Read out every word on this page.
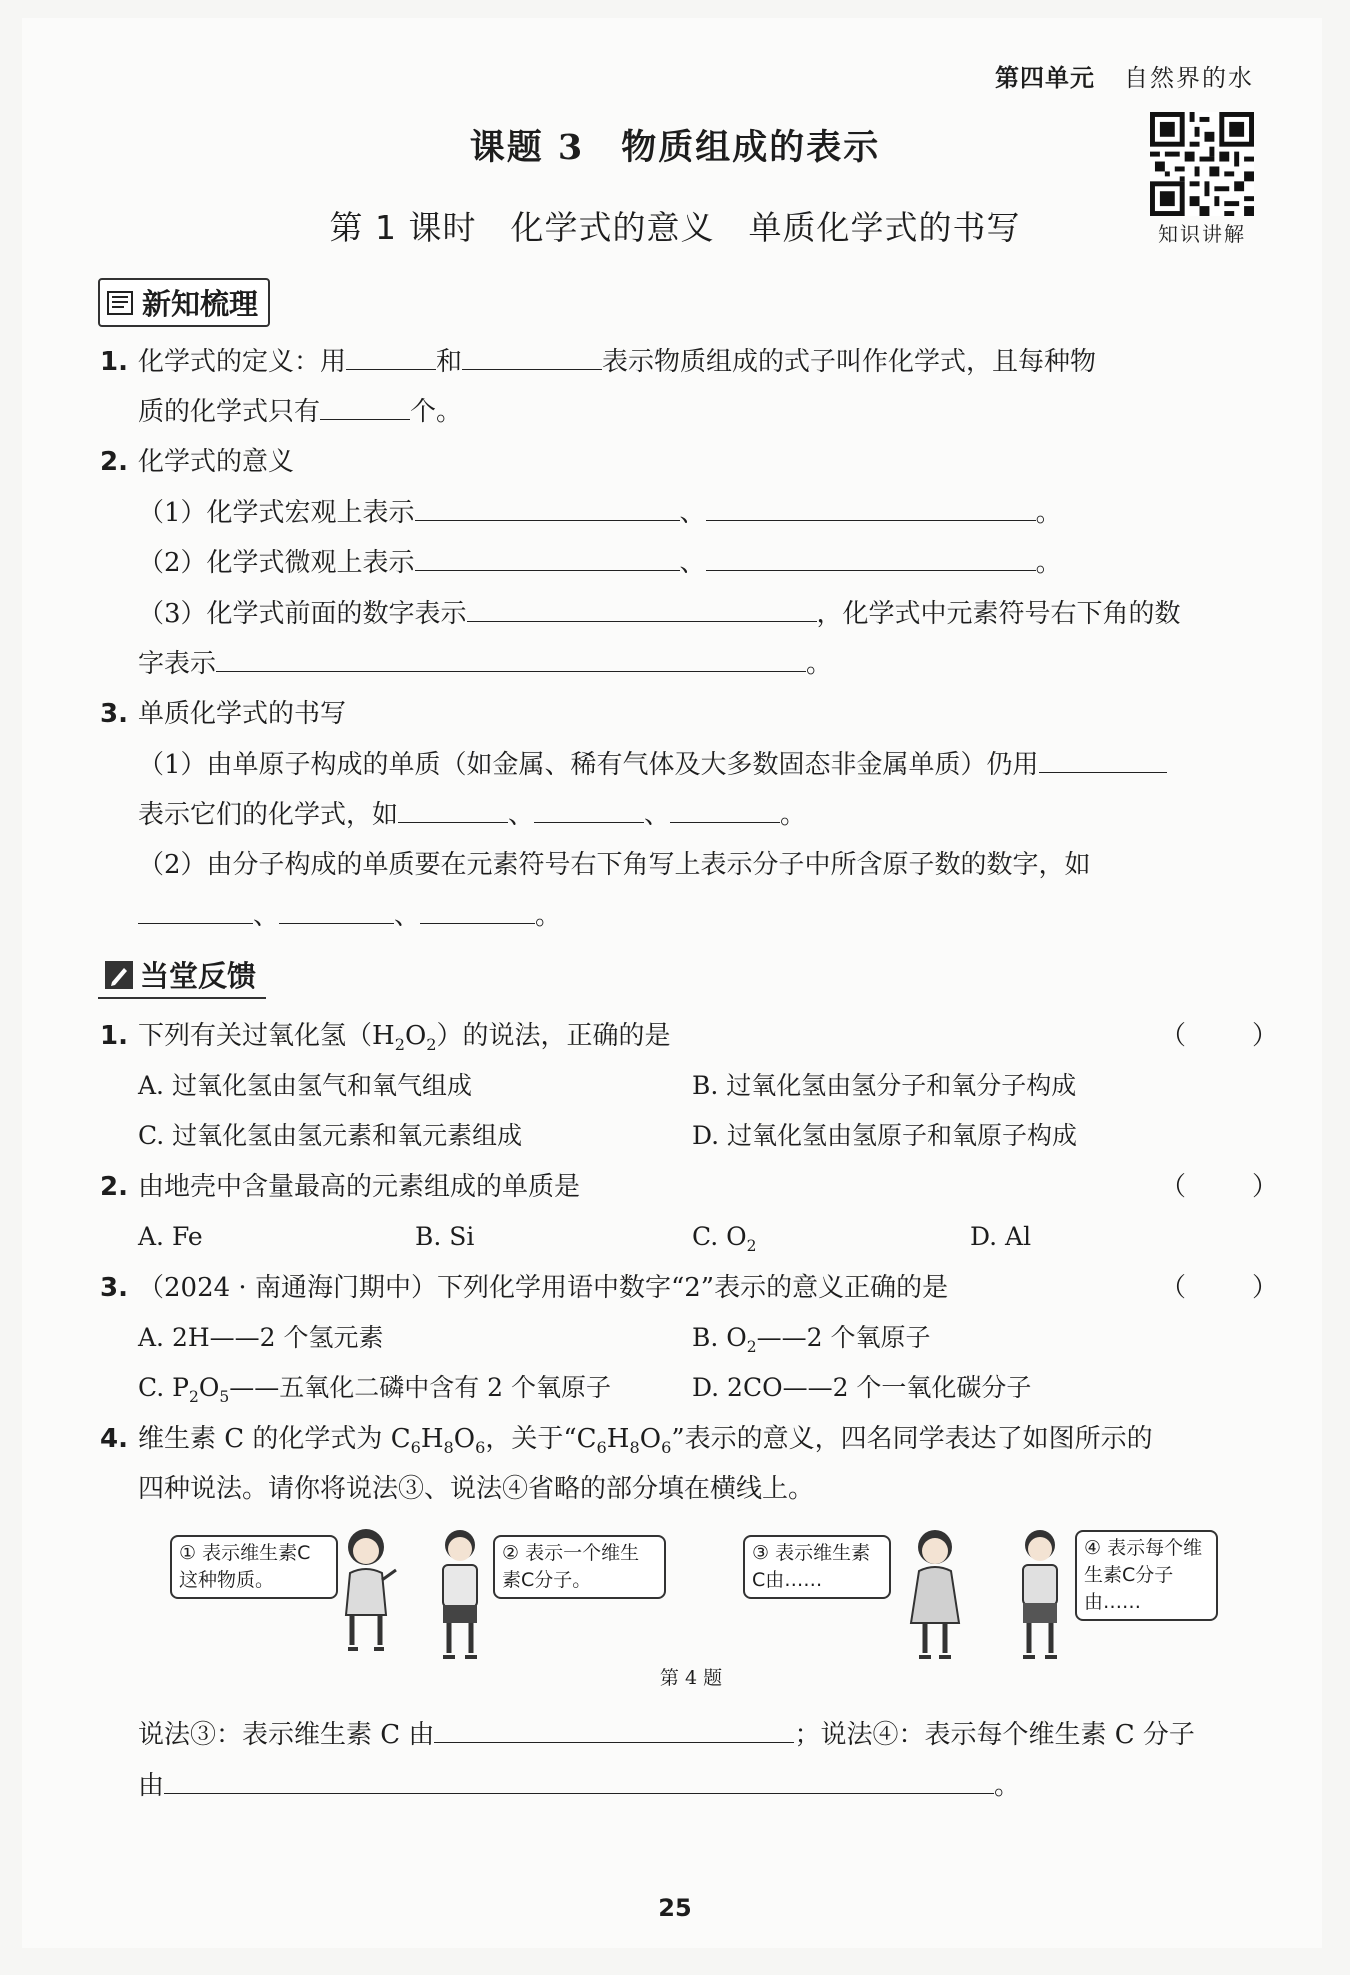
第四单元 自然界的水
课题 3　物质组成的表示
第 1 课时　化学式的意义　单质化学式的书写	知识讲解
新知梳理
1. 化学式的定义：用	和	表示物质组成的式子叫作化学式，且每种物
质的化学式只有	个。
2. 化学式的意义
（1）化学式宏观上表示	、	。
（2）化学式微观上表示	、	。
（3）化学式前面的数字表示	，化学式中元素符号右下角的数
字表示	。
3. 单质化学式的书写
（1）由单原子构成的单质（如金属、稀有气体及大多数固态非金属单质）仍用
表示它们的化学式，如	、	、	。
（2）由分子构成的单质要在元素符号右下角写上表示分子中所含原子数的数字，如
、	、	。
当堂反馈
1. 下列有关过氧化氢$(H_2O_2)$的说法，正确的是	（　）
A. 过氧化氢由氢气和氧气组成	B. 过氧化氢由氢分子和氧分子构成
C. 过氧化氢由氢元素和氧元素组成	D. 过氧化氢由氢原子和氧原子构成
2. 由地壳中含量最高的元素组成的单质是	（　）
A. Fe	B. Si	C. $O_2$	D. Al
3. （2024 · 南通海门期中）下列化学用语中数字“2”表示的意义正确的是	（　）
A. 2H——2 个氢元素	B. $O_2——2$ 个氧原子
C. $P_2O_5——$五氧化二磷中含有 2 个氧原子	D. 2CO——2 个一氧化碳分子
4. 维生素 C 的化学式为 $C_6H_8O_6$，关于“$C_6H_8O_6$”表示的意义，四名同学表达了如图所示的
四种说法。请你将说法③、说法④省略的部分填在横线上。
① 表示维生素C这种物质。
② 表示一个维生素C分子。
③ 表示维生素C由……
④ 表示每个维生素C分子由……
第 4 题
说法③：表示维生素 C 由	；说法④：表示每个维生素 C 分子
由	。
25
